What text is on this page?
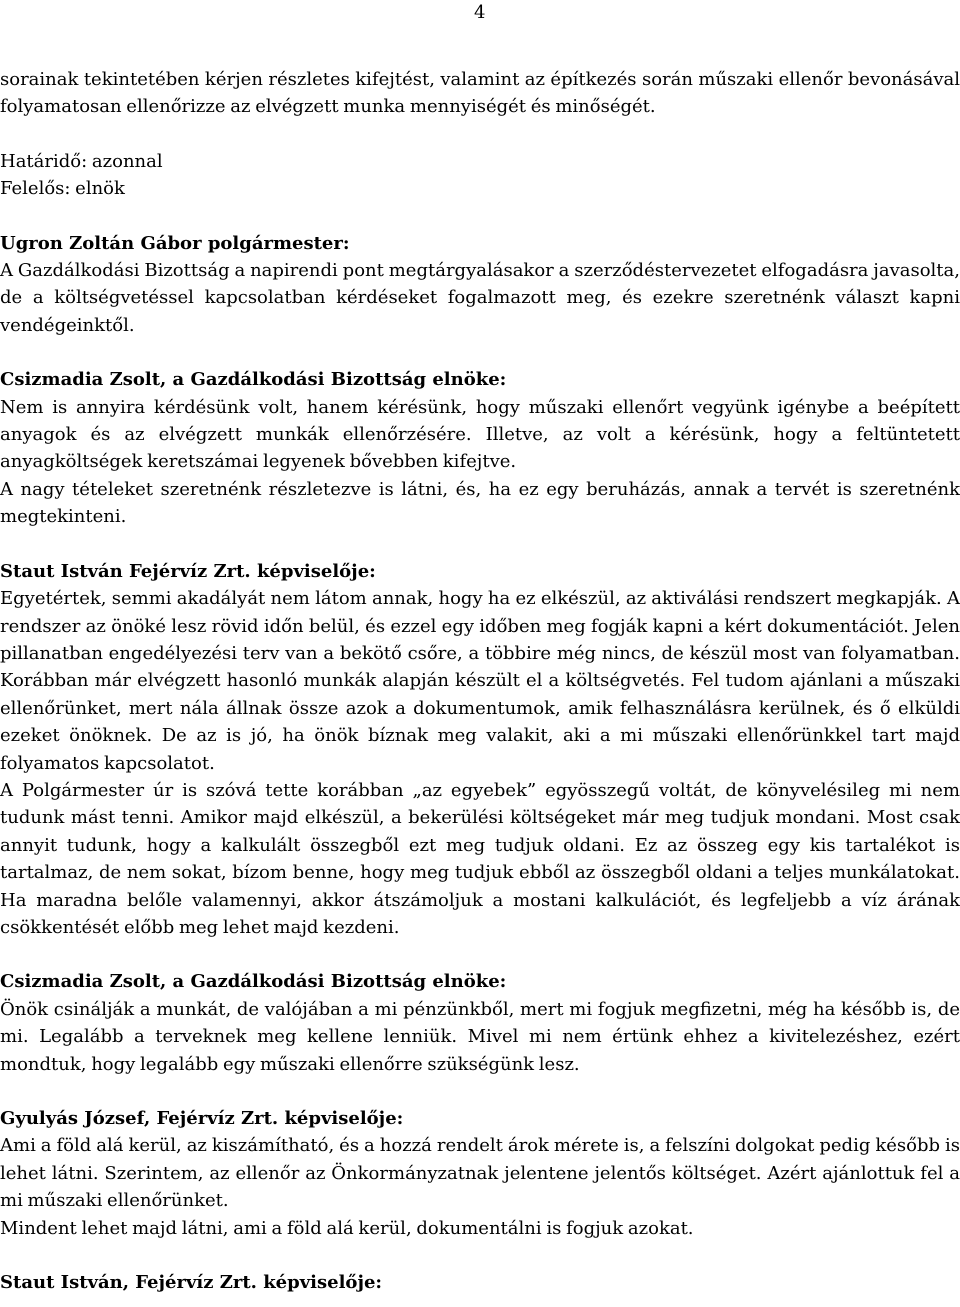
4

sorainak tekintetében kérjen részletes kifejtést, valamint az építkezés során műszaki ellenőr bevonásával folyamatosan ellenőrizze az elvégzett munka mennyiségét és minőségét.

Határidő: azonnal

Felelős: elnök

Ugron Zoltán Gábor polgármester:

A Gazdálkodási Bizottság a napirendi pont megtárgyalásakor a szerződéstervezetet elfogadásra javasolta, de a költségvetéssel kapcsolatban kérdéseket fogalmazott meg, és ezekre szeretnénk választ kapni vendégeinktől.

Csizmadia Zsolt, a Gazdálkodási Bizottság elnöke:

Nem is annyira kérdésünk volt, hanem kérésünk, hogy műszaki ellenőrt vegyünk igénybe a beépített anyagok és az elvégzett munkák ellenőrzésére. Illetve, az volt a kérésünk, hogy a feltüntetett anyagköltségek keretszámai legyenek bővebben kifejtve.

A nagy tételeket szeretnénk részletezve is látni, és, ha ez egy beruházás, annak a tervét is szeretnénk megtekinteni.

Staut István Fejérvíz Zrt. képviselője:

Egyetértek, semmi akadályát nem látom annak, hogy ha ez elkészül, az aktiválási rendszert megkapják. A rendszer az önöké lesz rövid időn belül, és ezzel egy időben meg fogják kapni a kért dokumentációt. Jelen pillanatban engedélyezési terv van a bekötő csőre, a többire még nincs, de készül most van folyamatban. Korábban már elvégzett hasonló munkák alapján készült el a költségvetés. Fel tudom ajánlani a műszaki ellenőrünket, mert nála állnak össze azok a dokumentumok, amik felhasználásra kerülnek, és ő elküldi ezeket önöknek. De az is jó, ha önök bíznak meg valakit, aki a mi műszaki ellenőrünkkel tart majd folyamatos kapcsolatot.

A Polgármester úr is szóvá tette korábban „az egyebek” egyösszegű voltát, de könyvelésileg mi nem tudunk mást tenni. Amikor majd elkészül, a bekerülési költségeket már meg tudjuk mondani. Most csak annyit tudunk, hogy a kalkulált összegből ezt meg tudjuk oldani. Ez az összeg egy kis tartalékot is tartalmaz, de nem sokat, bízom benne, hogy meg tudjuk ebből az összegből oldani a teljes munkálatokat. Ha maradna belőle valamennyi, akkor átszámoljuk a mostani kalkulációt, és legfeljebb a víz árának csökkentését előbb meg lehet majd kezdeni.

Csizmadia Zsolt, a Gazdálkodási Bizottság elnöke:

Önök csinálják a munkát, de valójában a mi pénzünkből, mert mi fogjuk megfizetni, még ha később is, de mi. Legalább a terveknek meg kellene lenniük. Mivel mi nem értünk ehhez a kivitelezéshez, ezért mondtuk, hogy legalább egy műszaki ellenőrre szükségünk lesz.

Gyulyás József, Fejérvíz Zrt. képviselője:

Ami a föld alá kerül, az kiszámítható, és a hozzá rendelt árok mérete is, a felszíni dolgokat pedig később is lehet látni. Szerintem, az ellenőr az Önkormányzatnak jelentene jelentős költséget. Azért ajánlottuk fel a mi műszaki ellenőrünket.

Mindent lehet majd látni, ami a föld alá kerül, dokumentálni is fogjuk azokat.

Staut István, Fejérvíz Zrt. képviselője:
